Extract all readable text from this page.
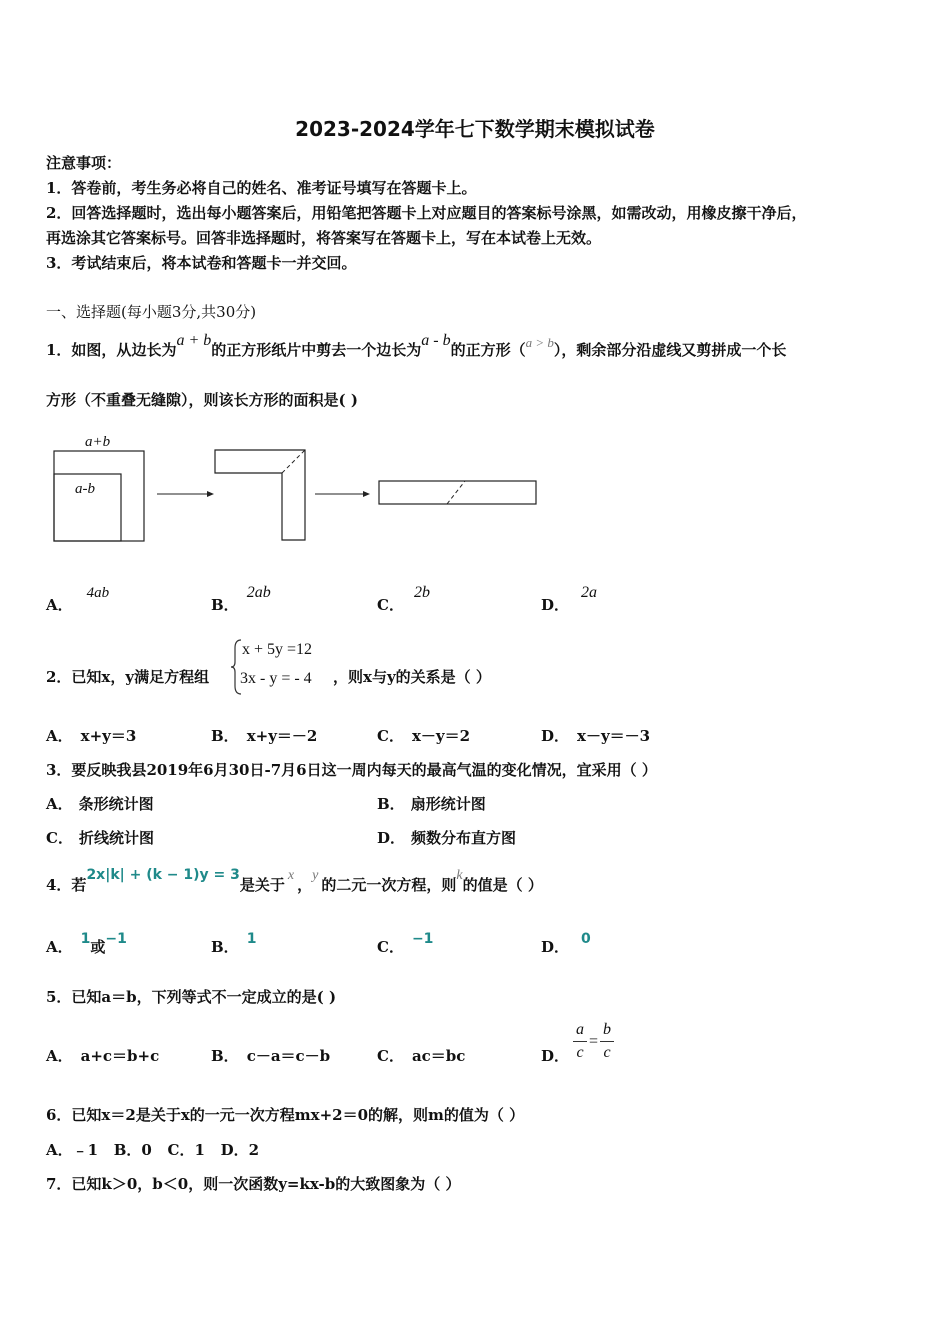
2023-2024学年七下数学期末模拟试卷
注意事项：
1．答卷前，考生务必将自己的姓名、准考证号填写在答题卡上。
2．回答选择题时，选出每小题答案后，用铅笔把答题卡上对应题目的答案标号涂黑，如需改动，用橡皮擦干净后，
再选涂其它答案标号。回答非选择题时，将答案写在答题卡上，写在本试卷上无效。
3．考试结束后，将本试卷和答题卡一并交回。
一、选择题(每小题3分,共30分)
1．如图，从边长为a + b的正方形纸片中剪去一个边长为a - b的正方形（a > b），剩余部分沿虚线又剪拼成一个长
方形（不重叠无缝隙），则该长方形的面积是( )
a+b
a-b
A．4ab
B．2ab
C．2b
D．2a
2．已知x，y满足方程组
x + 5y =12
3x - y = - 4 ，则x与y的关系是（ ）
A． x+y＝3	B． x+y＝－2	C． x－y＝2	D． x－y＝－3
3．要反映我县2019年6月30日-7月6日这一周内每天的最高气温的变化情况，宜采用（ ）
A． 条形统计图	B． 扇形统计图
C． 折线统计图	D． 频数分布直方图
4．若2x|k| + (k − 1)y = 3是关于x，y的二元一次方程，则k的值是（ ）
A． 1或−1	B． 1	C． −1	D． 0
5．已知a＝b，下列等式不一定成立的是( )
A． a+c＝b+c	B． c－a＝c－b	C． ac＝bc	D． $\frac{a}{c} = \frac{b}{c}$
6．已知x＝2是关于x的一元一次方程mx+2＝0的解，则m的值为（ ）
A．﹣1   B．0   C．1   D．2
7．已知k＞0，b＜0，则一次函数y=kx-b的大致图象为（ ）
